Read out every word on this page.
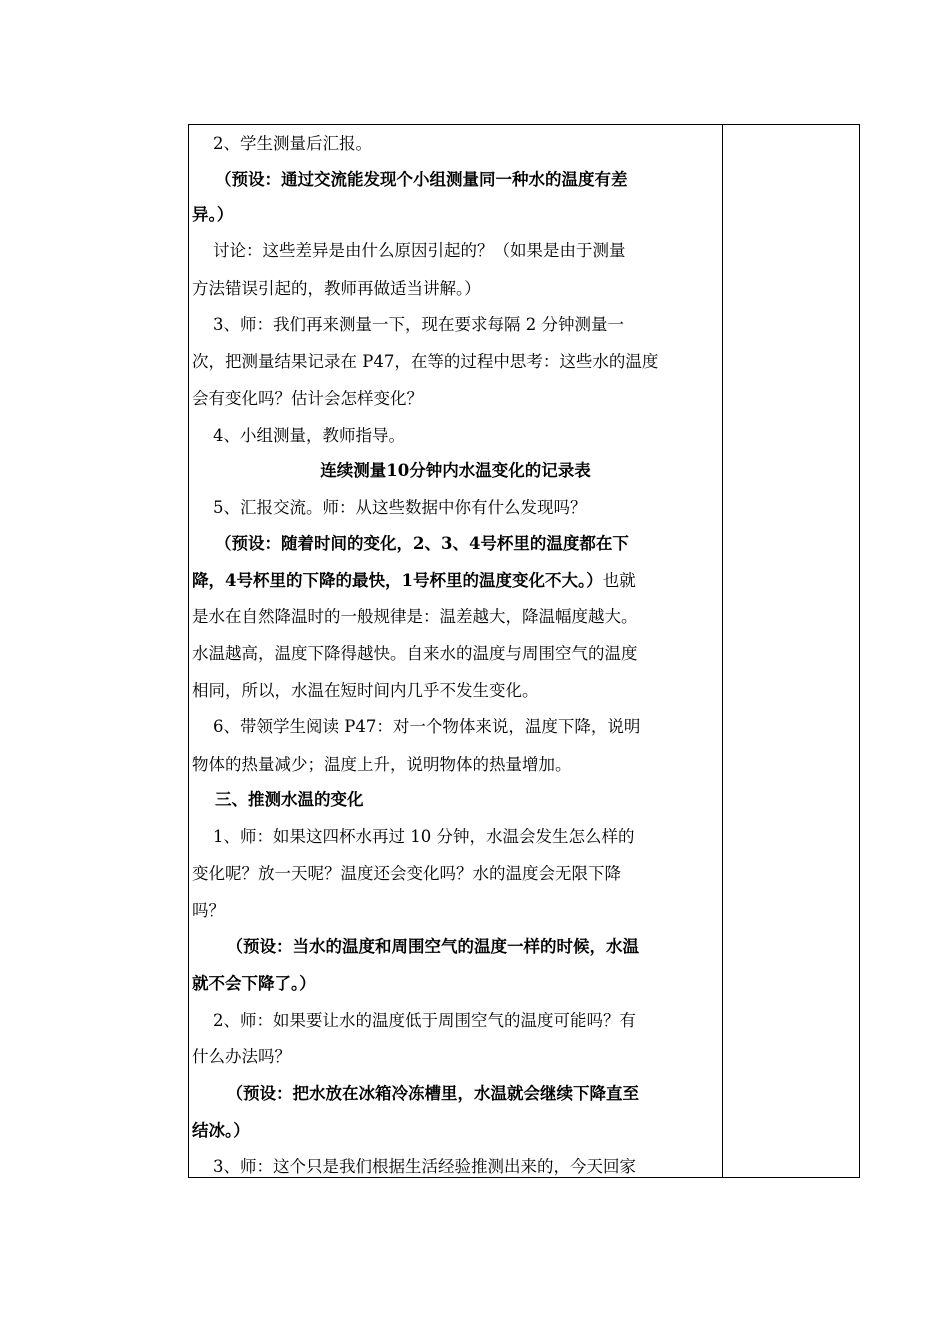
2、学生测量后汇报。
（预设：通过交流能发现个小组测量同一种水的温度有差
异。）
讨论：这些差异是由什么原因引起的？（如果是由于测量
方法错误引起的，教师再做适当讲解。）
3、师：我们再来测量一下，现在要求每隔 2 分钟测量一
次，把测量结果记录在 P47，在等的过程中思考：这些水的温度
会有变化吗？估计会怎样变化？
4、小组测量，教师指导。
连续测量10分钟内水温变化的记录表
5、汇报交流。师：从这些数据中你有什么发现吗？
（预设：随着时间的变化，2、3、4号杯里的温度都在下
降，4号杯里的下降的最快，1号杯里的温度变化不大。）也就
是水在自然降温时的一般规律是：温差越大，降温幅度越大。
水温越高，温度下降得越快。自来水的温度与周围空气的温度
相同，所以，水温在短时间内几乎不发生变化。
6、带领学生阅读 P47：对一个物体来说，温度下降，说明
物体的热量减少；温度上升，说明物体的热量增加。
三、推测水温的变化
1、师：如果这四杯水再过 10 分钟，水温会发生怎么样的
变化呢？放一天呢？温度还会变化吗？水的温度会无限下降
吗？
（预设：当水的温度和周围空气的温度一样的时候，水温
就不会下降了。）
2、师：如果要让水的温度低于周围空气的温度可能吗？有
什么办法吗？
（预设：把水放在冰箱冷冻槽里，水温就会继续下降直至
结冰。）
3、师：这个只是我们根据生活经验推测出来的，今天回家
